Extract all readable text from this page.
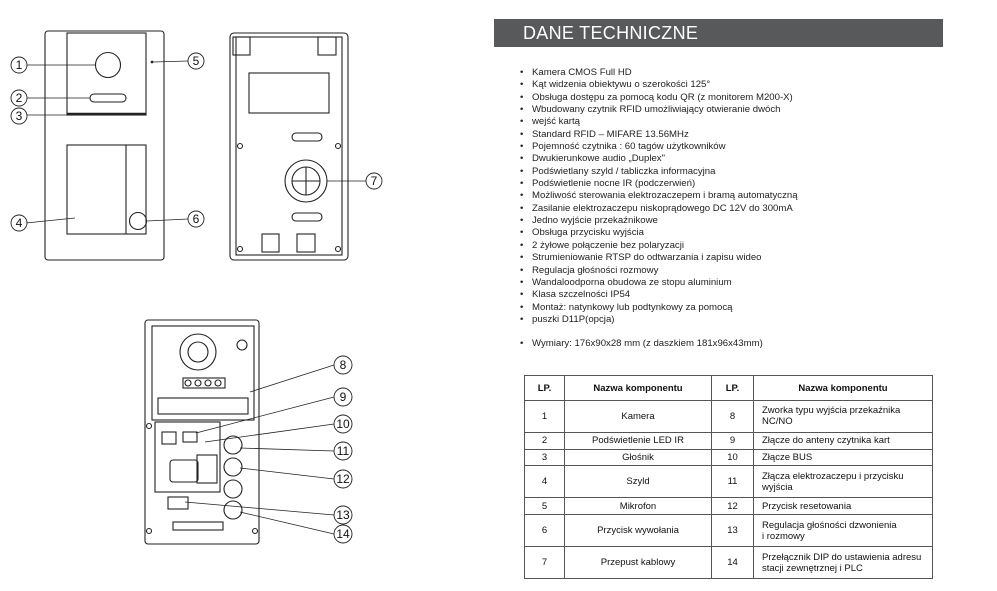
1
2
3
4
5
6
7
8
9
10
11
12
13
14
DANE TECHNICZNE
• Kamera CMOS Full HD
• Kąt widzenia obiektywu o szerokości 125°
• Obsługa dostępu za pomocą kodu QR (z monitorem M200-X)
• Wbudowany czytnik RFID umożliwiający otwieranie dwóch
• wejść kartą
• Standard RFID – MIFARE 13.56MHz
• Pojemność czytnika : 60 tagów użytkowników
• Dwukierunkowe audio „Duplex"
• Podświetlany szyld / tabliczka informacyjna
• Podświetlenie nocne IR (podczerwień)
• Możliwość sterowania elektrozaczepem i bramą automatyczną
• Zasilanie elektrozaczepu niskoprądowego DC 12V do 300mA
• Jedno wyjście przekaźnikowe
• Obsługa przycisku wyjścia
• 2 żyłowe połączenie bez polaryzacji
• Strumieniowanie RTSP do odtwarzania i zapisu wideo
• Regulacja głośności rozmowy
• Wandaloodporna obudowa ze stopu aluminium
• Klasa szczelności IP54
• Montaż: natynkowy lub podtynkowy za pomocą
• puszki D11P(opcja)
• Wymiary: 176x90x28 mm (z daszkiem 181x96x43mm)
LP.	Nazwa komponentu	LP.	Nazwa komponentu
1	Kamera	8	Zworka typu wyjścia przekaźnika NC/NO
2	Podświetlenie LED IR	9	Złącze do anteny czytnika kart
3	Głośnik	10	Złącze BUS
4	Szyld	11	Złącza elektrozaczepu i przycisku wyjścia
5	Mikrofon	12	Przycisk resetowania
6	Przycisk wywołania	13	Regulacja głośności dzwonienia
i rozmowy
7	Przepust kablowy	14	Przełącznik DIP do ustawienia adresu
stacji zewnętrznej i PLC
